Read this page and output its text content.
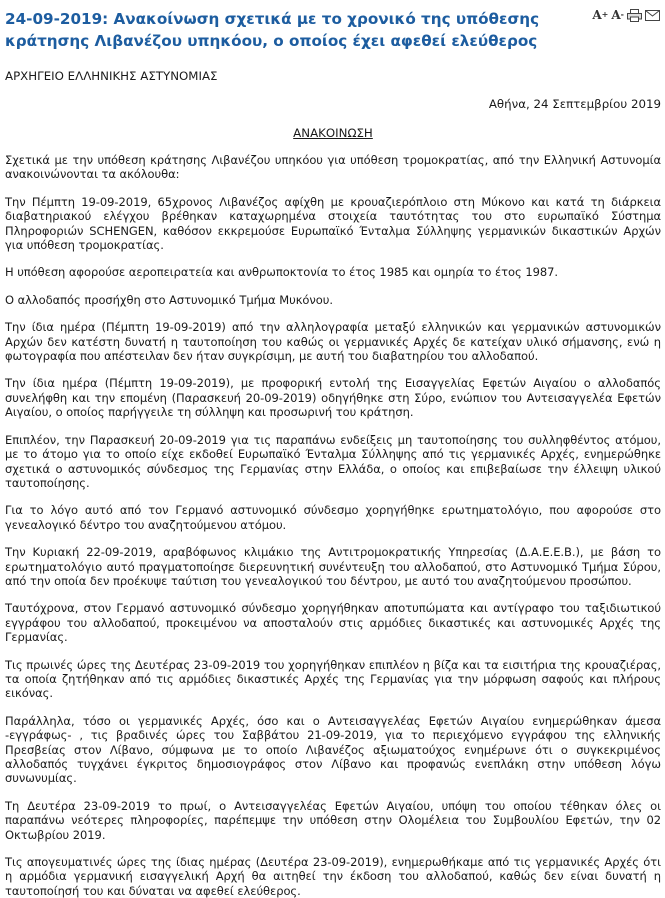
24-09-2019: Ανακοίνωση σχετικά με το χρονικό της υπόθεσης κράτησης Λιβανέζου υπηκόου, ο οποίος έχει αφεθεί ελεύθερος
A + A -

ΑΡΧΗΓΕΙΟ ΕΛΛΗΝΙΚΗΣ ΑΣΤΥΝΟΜΙΑΣ

Αθήνα, 24 Σεπτεμβρίου 2019

ΑΝΑΚΟΙΝΩΣΗ

Σχετικά με την υπόθεση κράτησης Λιβανέζου υπηκόου για υπόθεση τρομοκρατίας, από την Ελληνική Αστυνομία ανακοινώνονται τα ακόλουθα:

Την Πέμπτη 19-09-2019, 65χρονος Λιβανέζος αφίχθη με κρουαζιερόπλοιο στη Μύκονο και κατά τη διάρκεια διαβατηριακού ελέγχου βρέθηκαν καταχωρημένα στοιχεία ταυτότητας του στο ευρωπαϊκό Σύστημα Πληροφοριών SCHENGEN, καθόσον εκκρεμούσε Ευρωπαϊκό Ένταλμα Σύλληψης γερμανικών δικαστικών Αρχών για υπόθεση τρομοκρατίας.

Η υπόθεση αφορούσε αεροπειρατεία και ανθρωποκτονία το έτος 1985 και ομηρία το έτος 1987.

Ο αλλοδαπός προσήχθη στο Αστυνομικό Τμήμα Μυκόνου.

Την ίδια ημέρα (Πέμπτη 19-09-2019) από την αλληλογραφία μεταξύ ελληνικών και γερμανικών αστυνομικών Αρχών δεν κατέστη δυνατή η ταυτοποίηση του καθώς οι γερμανικές Αρχές δε κατείχαν υλικό σήμανσης, ενώ η φωτογραφία που απέστειλαν δεν ήταν συγκρίσιμη, με αυτή του διαβατηρίου του αλλοδαπού.

Την ίδια ημέρα (Πέμπτη 19-09-2019), με προφορική εντολή της Εισαγγελίας Εφετών Αιγαίου ο αλλοδαπός συνελήφθη και την επομένη (Παρασκευή 20-09-2019) οδηγήθηκε στη Σύρο, ενώπιον του Αντεισαγγελέα Εφετών Αιγαίου, ο οποίος παρήγγειλε τη σύλληψη και προσωρινή του κράτηση.

Επιπλέον, την Παρασκευή 20-09-2019 για τις παραπάνω ενδείξεις μη ταυτοποίησης του συλληφθέντος ατόμου, με το άτομο για το οποίο είχε εκδοθεί Ευρωπαϊκό Ένταλμα Σύλληψης από τις γερμανικές Αρχές, ενημερώθηκε σχετικά ο αστυνομικός σύνδεσμος της Γερμανίας στην Ελλάδα, ο οποίος και επιβεβαίωσε την έλλειψη υλικού ταυτοποίησης.

Για το λόγο αυτό από τον Γερμανό αστυνομικό σύνδεσμο χορηγήθηκε ερωτηματολόγιο, που αφορούσε στο γενεαλογικό δέντρο του αναζητούμενου ατόμου.

Την Κυριακή 22-09-2019, αραβόφωνος κλιμάκιο της Αντιτρομοκρατικής Υπηρεσίας (Δ.Α.Ε.Ε.Β.), με βάση το ερωτηματολόγιο αυτό πραγματοποίησε διερευνητική συνέντευξη του αλλοδαπού, στο Αστυνομικό Τμήμα Σύρου, από την οποία δεν προέκυψε ταύτιση του γενεαλογικού του δέντρου, με αυτό του αναζητούμενου προσώπου.

Ταυτόχρονα, στον Γερμανό αστυνομικό σύνδεσμο χορηγήθηκαν αποτυπώματα και αντίγραφο του ταξιδιωτικού εγγράφου του αλλοδαπού, προκειμένου να αποσταλούν στις αρμόδιες δικαστικές και αστυνομικές Αρχές της Γερμανίας.

Τις πρωινές ώρες της Δευτέρας 23-09-2019 του χορηγήθηκαν επιπλέον η βίζα και τα εισιτήρια της κρουαζιέρας, τα οποία ζητήθηκαν από τις αρμόδιες δικαστικές Αρχές της Γερμανίας για την μόρφωση σαφούς και πλήρους εικόνας.

Παράλληλα, τόσο οι γερμανικές Αρχές, όσο και ο Αντεισαγγελέας Εφετών Αιγαίου ενημερώθηκαν άμεσα -εγγράφως- , τις βραδινές ώρες του Σαββάτου 21-09-2019, για το περιεχόμενο εγγράφου της ελληνικής Πρεσβείας στον Λίβανο, σύμφωνα με το οποίο Λιβανέζος αξιωματούχος ενημέρωνε ότι ο συγκεκριμένος αλλοδαπός τυγχάνει έγκριτος δημοσιογράφος στον Λίβανο και προφανώς ενεπλάκη στην υπόθεση λόγω συνωνυμίας.

Τη Δευτέρα 23-09-2019 το πρωί, ο Αντεισαγγελέας Εφετών Αιγαίου, υπόψη του οποίου τέθηκαν όλες οι παραπάνω νεότερες πληροφορίες, παρέπεμψε την υπόθεση στην Ολομέλεια του Συμβουλίου Εφετών, την 02 Οκτωβρίου 2019.

Τις απογευματινές ώρες της ίδιας ημέρας (Δευτέρα 23-09-2019), ενημερωθήκαμε από τις γερμανικές Αρχές ότι η αρμόδια γερμανική εισαγγελική Αρχή θα αιτηθεί την έκδοση του αλλοδαπού, καθώς δεν είναι δυνατή η ταυτοποίησή του και δύναται να αφεθεί ελεύθερος.
